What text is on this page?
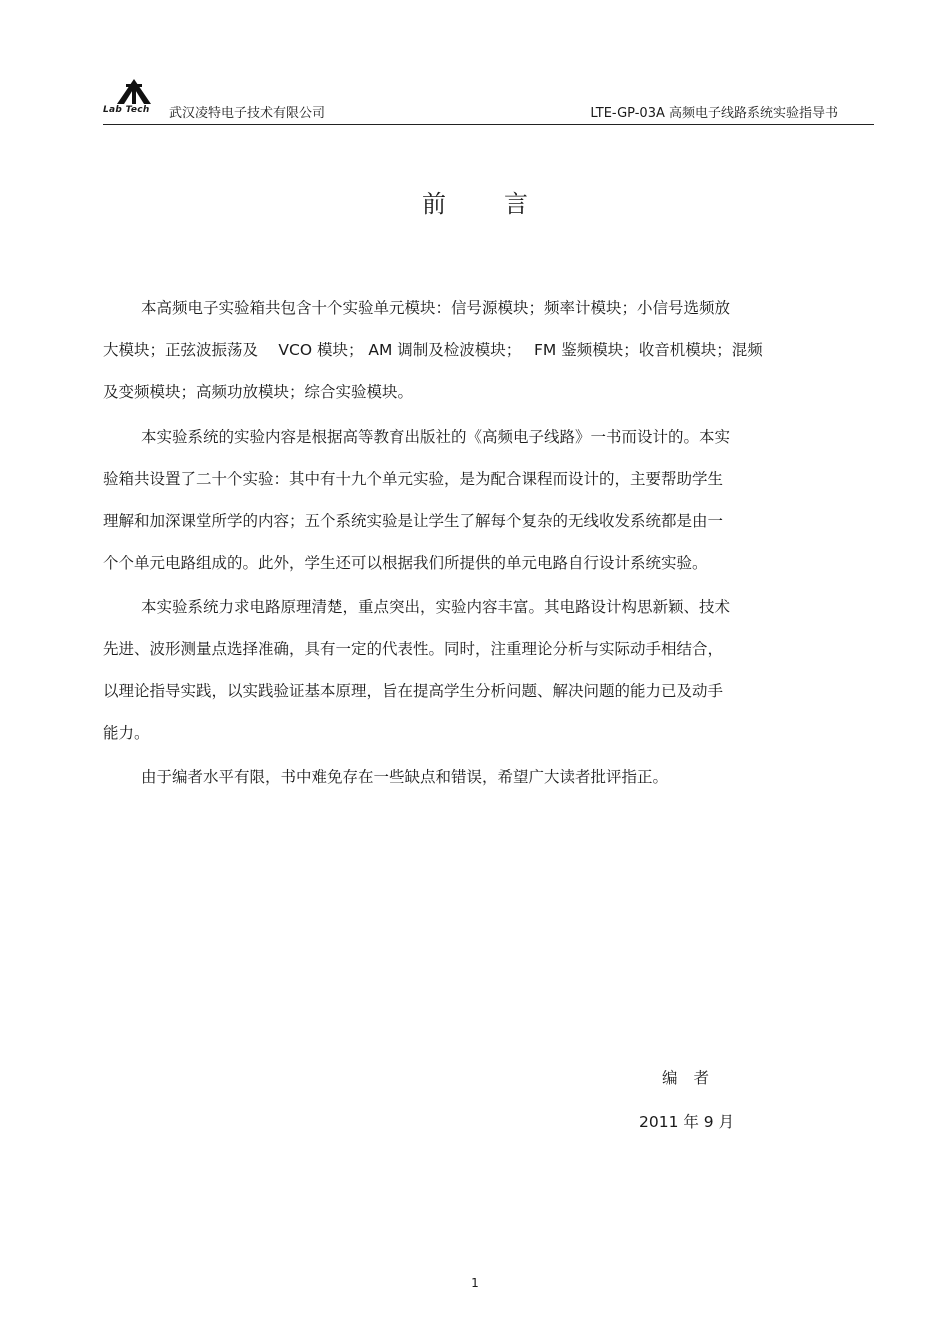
Lab Tech 武汉凌特电子技术有限公司	LTE-GP-03A 高频电子线路系统实验指导书
前言
本高频电子实验箱共包含十个实验单元模块：信号源模块；频率计模块；小信号选频放
大模块；正弦波振荡及　 VCO 模块； AM 调制及检波模块；　 FM 鉴频模块；收音机模块；混频
及变频模块；高频功放模块；综合实验模块。
本实验系统的实验内容是根据高等教育出版社的《高频电子线路》一书而设计的。本实
验箱共设置了二十个实验：其中有十九个单元实验，是为配合课程而设计的，主要帮助学生
理解和加深课堂所学的内容；五个系统实验是让学生了解每个复杂的无线收发系统都是由一
个个单元电路组成的。此外，学生还可以根据我们所提供的单元电路自行设计系统实验。
本实验系统力求电路原理清楚，重点突出，实验内容丰富。其电路设计构思新颖、技术
先进、波形测量点选择准确，具有一定的代表性。同时，注重理论分析与实际动手相结合，
以理论指导实践，以实践验证基本原理，旨在提高学生分析问题、解决问题的能力已及动手
能力。
由于编者水平有限，书中难免存在一些缺点和错误，希望广大读者批评指正。
编者
2011 年 9 月
1
